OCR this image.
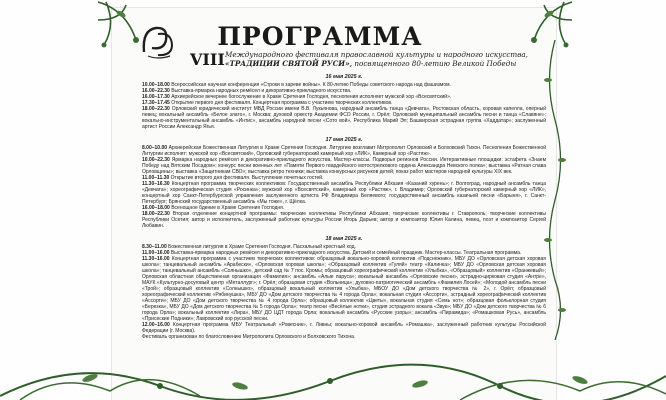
ПРОГРАММА
VIII Международного фестиваля православной культуры и народного искусства,
«ТРАДИЦИИ СВЯТОЙ РУСИ», посвященного 80-летию Великой Победы
16 мая 2025 г.

10.00–18.00 Всероссийская научная конференция «Строки в зареве войны». К 80-летию Победы советского народа над фашизмом.

16.00–22.30 Выставка-ярмарка народных ремёсел и декоративно-прикладного искусства.

16.00–17.30 Архиерейское вечернее богослужение в Храме Сретения Господня, песнопения исполняет мужской хор «Всесвятский».

17.30–17.45 Открытие первого дня фестиваля. Концертная программа с участием творческих коллективов.

18.00–22.30 Орловский юридический институт МВД России имени В.В. Лукьянова, народный ансамбль танца «Девчата», Ростовская область, хоровая капелла, оперный певец; вокальный ансамбль «Белое злато», г. Москва; духовой оркестр Академии ФСО России, г. Орёл; Орловский муниципальный ансамбль песни и танца «Славяне»; вокально-инструментальный ансамбль «Интис», ансамбль народной песни «Сото вой», Республика Марий Эл; Башкирская эстрадная группа «Хаддатар»; заслуженный артист России Александр Ягья.

17 мая 2025 г.

8.00–10.00 Архиерейская Божественная Литургия в Храме Сретения Господня. Литургию возглавит Митрополит Орловский и Болховский Тихон. Песнопения Божественной Литургии исполнят: мужской хор «Всесвятский», Орловский губернаторский камерный хор «ЛИК», Камерный хор «Растяж».

10.00–22.30 Ярмарка народных ремёсел и декоративно-прикладного искусства. Мастер-классы. Подворья регионов России. Интерактивные площадки: эстафета «Знаем Победу над Вятским Посадом»; конкурс песни военных лет «Памяти Первого гвардейского мотострелкового ордена Александра Невского полка»; выставка «Ратная слава Орловщины»; выставка «Защитникам СВО»; выставка ретро техники; выставка конкурсных рисунков детей; показ работ мастеров народной культуры XIX век.

11.00–11.30 Открытие второго дня фестиваля. Выступление почетных гостей.

11.30–16.30 Концертная программа творческих коллективов: Государственный ансамбль Республики Абхазия «Казаний хурень»; г. Волгоград, народный ансамбль танца «Девчата»; хореографическая студия «Росинка»; мужской хор «Всесвятский», камерный хор «Растяж», г. Владимир; Орловский губернаторский камерный хор «ЛИК», концертный хор Санкт-Петербургской управления заслуженного артиста РФ Владимира Беляевого; государственный ансамбль казачьей песни «Барыня», г. Санкт-Петербург; Брянский государственный ансамбль «Мы тоже», г. Щёлка.

16.00–18.00 Всенощное бдение в Храме Сретения Господня.

18.00–22.30 Вторая отделение концертной программы: творческие коллективы Республики Абхазия; творческие коллективы г. Ставрополь; творческие коллективы Республики Осетия; автор и исполнитель, заслуженный работник культуры России Игорь Дарьев; автор и композитор Юлия Калина, певец, поэт и композитор Сергей Любавин.

18 мая 2025 г.

8.30–11.00 Божественная литургия в Храме Сретения Господня. Пасхальный крестный ход.

11.00–16.00 Выставка-ярмарка народных ремёсел и декоративно-прикладного искусства. Детский и семейный праздник. Мастер-классы. Театральная программа.

11.30–16.00 Концертная программа с участием творческих коллективов: образцовый вокально-хоровой коллектив «Подснежник», МБУ ДО «Орловская детская хоровая школа»; танцевальный ансамбль «Арабески», «Орловская хоровая школа»; «Образцовый коллектив «Гуляй» театр «Калинка»; МБУ ДО «Орловская детская хоровая школа»; танцевальный ансамбль «Солнышко», детский сад № 7 пос. Кромы; образцовый хореографический коллектив «Улыбка», «Образцовый» коллектив «Оранжевый»; Орловская областная общественная организация «Фамилия»; ансамбль «Алые паруса»; вокальный ансамбль «Орловские песни», эстрадно-цирковая студия «Антре», МАУК «Культурно-досуговый центр «Металлург»; г. Орёл; образцовая студия «Вольница»; духовно-патриотический ансамбль «Фамилия Лосей»; «Молодой ансамбль песни «Трой»; образцовый коллектив «Солнышко», образцовый вокальный коллектив «Улыбка», МБОУ ДО «Дом детского творчества № 2», г. Орёл; образцовый хореографический коллектив «Рябинушка», МБУ ДО «Дом детского творчества № 4 города Орла»; вокальная студия «Ассорти», эстрадный хореографический коллектив «Ассорти»; МБУ ДО «Дом детского творчества № 4 города Орла»; образцовый коллектив «Цветы», вокальная студия «Семь нот»; образцовая фольклорная студия «Березка», МБУ ДО «Дом детского творчества № 5 города Орла»; театр песни «Весёлые нотки», студия эстрадного вокала «Звук»; МБУ ДО «Дом детского творчества № 6 города Орла»; вокальный коллектив «Лира», МБУ ДО ЦДТ города Орла; вокальный ансамбль «Русские узоры»; ансамбль «Пирамида»; «Ромашковая Русь», ансамбль «Присеские Подники»; Лавровский хор русской песни.

12.00–16.00 Концертная программа МБУ Театральный «Ровесник», г. Ливны; вокально-хоровой ансамбль «Ромашка», заслуженный работник культуры Российской Федерации (г. Москва).

Фестиваль организован по благословению Митрополита Орловского и Болховского Тихона.
